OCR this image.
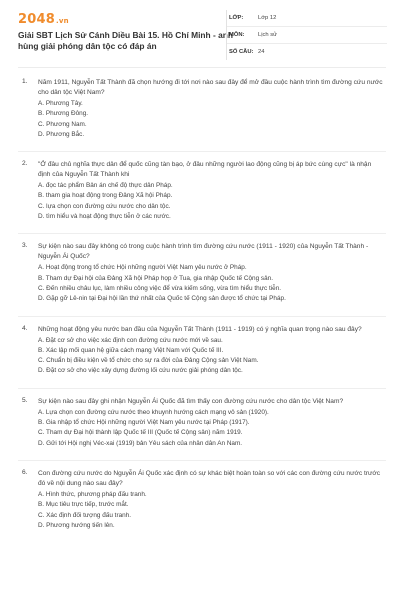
2048.vn
Giải SBT Lịch Sử Cánh Diều Bài 15. Hồ Chí Minh - anh hùng giải phóng dân tộc có đáp án
LỚP:	Lớp 12
MÔN:	Lịch sử
SỐ CÂU: 24
1. Năm 1911, Nguyễn Tất Thành đã chọn hướng đi tới nơi nào sau đây để mở đầu cuộc hành trình tìm đường cứu nước cho dân tộc Việt Nam?

A. Phương Tây.
B. Phương Đông.
C. Phương Nam.
D. Phương Bắc.
2. "Ở đâu chủ nghĩa thực dân để quốc cũng tàn bạo, ở đâu những người lao động cũng bị áp bức cùng cực" là nhận định của Nguyễn Tất Thành khi

A. đọc tác phẩm Bản án chế độ thực dân Pháp.
B. tham gia hoạt động trong Đảng Xã hội Pháp.
C. lựa chọn con đường cứu nước cho dân tộc.
D. tìm hiểu và hoạt động thực tiễn ở các nước.
3. Sự kiện nào sau đây không có trong cuộc hành trình tìm đường cứu nước (1911 - 1920) của Nguyễn Tất Thành - Nguyễn Ái Quốc?

A. Hoạt động trong tổ chức Hội những người Việt Nam yêu nước ở Pháp.
B. Tham dự Đại hội của Đảng Xã hội Pháp họp ở Tua, gia nhập Quốc tế Cộng sản.
C. Đến nhiều châu lục, làm nhiều công việc để vừa kiếm sống, vừa tìm hiểu thực tiễn.
D. Gặp gỡ Lê-nin tại Đại hội lần thứ nhất của Quốc tế Cộng sản được tổ chức tại Pháp.
4. Những hoạt động yêu nước ban đầu của Nguyễn Tất Thành (1911 - 1919) có ý nghĩa quan trọng nào sau đây?

A. Đặt cơ sở cho việc xác định con đường cứu nước mới về sau.
B. Xác lập mối quan hệ giữa cách mạng Việt Nam với Quốc tế III.
C. Chuẩn bị điều kiện về tổ chức cho sự ra đời của Đảng Cộng sản Việt Nam.
D. Đặt cơ sở cho việc xây dựng đường lối cứu nước giải phóng dân tộc.
5. Sự kiện nào sau đây ghi nhận Nguyễn Ái Quốc đã tìm thấy con đường cứu nước cho dân tộc Việt Nam?

A. Lựa chọn con đường cứu nước theo khuynh hướng cách mạng vô sản (1920).
B. Gia nhập tổ chức Hội những người Việt Nam yêu nước tại Pháp (1917).
C. Tham dự Đại hội thành lập Quốc tế III (Quốc tế Cộng sản) năm 1919.
D. Gửi tới Hội nghị Véc-xai (1919) bản Yêu sách của nhân dân An Nam.
6. Con đường cứu nước do Nguyễn Ái Quốc xác định có sự khác biệt hoàn toàn so với các con đường cứu nước trước đó về nội dung nào sau đây?

A. Hình thức, phương pháp đấu tranh.
B. Mục tiêu trực tiếp, trước mắt.
C. Xác định đối tượng đấu tranh.
D. Phương hướng tiến lên.
